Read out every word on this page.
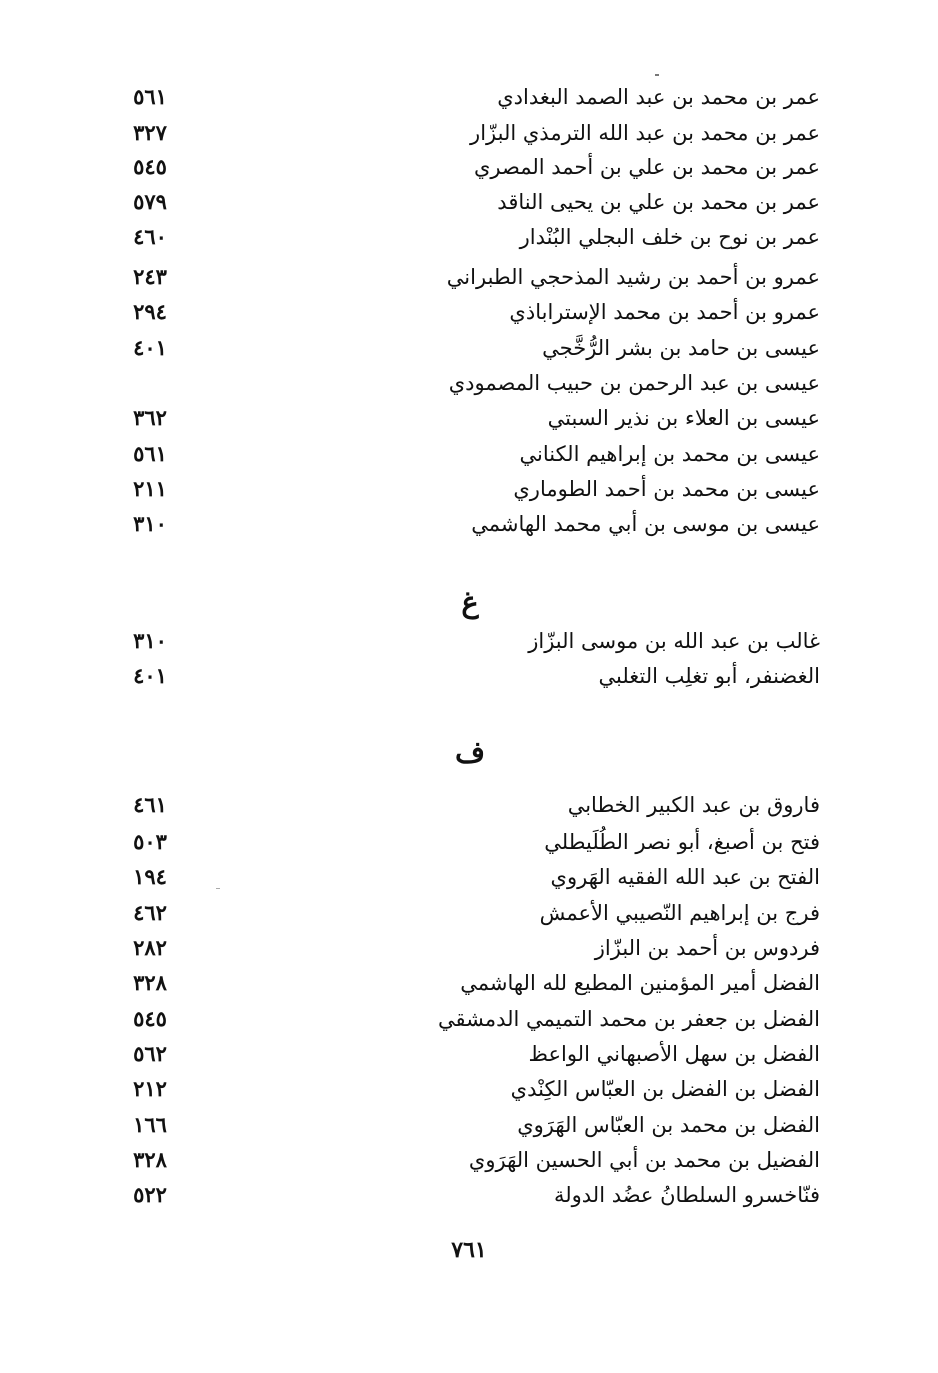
عمر بن محمد بن عبد الصمد البغدادي
٥٦١
عمر بن محمد بن عبد الله الترمذي البزّار
٣٢٧
عمر بن محمد بن علي بن أحمد المصري
٥٤٥
عمر بن محمد بن علي بن يحيى الناقد
٥٧٩
عمر بن نوح بن خلف البجلي البُنْدار
٤٦٠
عمرو بن أحمد بن رشيد المذحجي الطبراني
٢٤٣
عمرو بن أحمد بن محمد الإستراباذي
٢٩٤
عيسى بن حامد بن بشر الرُّخَّجي
٤٠١
عيسى بن عبد الرحمن بن حبيب المصمودي
عيسى بن العلاء بن نذير السبتي
٣٦٢
عيسى بن محمد بن إبراهيم الكناني
٥٦١
عيسى بن محمد بن أحمد الطوماري
٢١١
عيسى بن موسى بن أبي محمد الهاشمي
٣١٠
غ
غالب بن عبد الله بن موسى البزّاز
٣١٠
الغضنفر، أبو تغلِب التغلبي
٤٠١
ف
فاروق بن عبد الكبير الخطابي
٤٦١
فتح بن أصبغ، أبو نصر الطُلَيطلي
٥٠٣
الفتح بن عبد الله الفقيه الهَروي
١٩٤
فرج بن إبراهيم النّصيبي الأعمش
٤٦٢
فردوس بن أحمد بن البزّاز
٢٨٢
الفضل أمير المؤمنين المطيع لله الهاشمي
٣٢٨
الفضل بن جعفر بن محمد التميمي الدمشقي
٥٤٥
الفضل بن سهل الأصبهاني الواعظ
٥٦٢
الفضل بن الفضل بن العبّاس الكِنْدي
٢١٢
الفضل بن محمد بن العبّاس الهَرَوي
١٦٦
الفضيل بن محمد بن أبي الحسين الهَرَوي
٣٢٨
فنّاخسرو السلطانُ عضُد الدولة
٥٢٢
٧٦١
